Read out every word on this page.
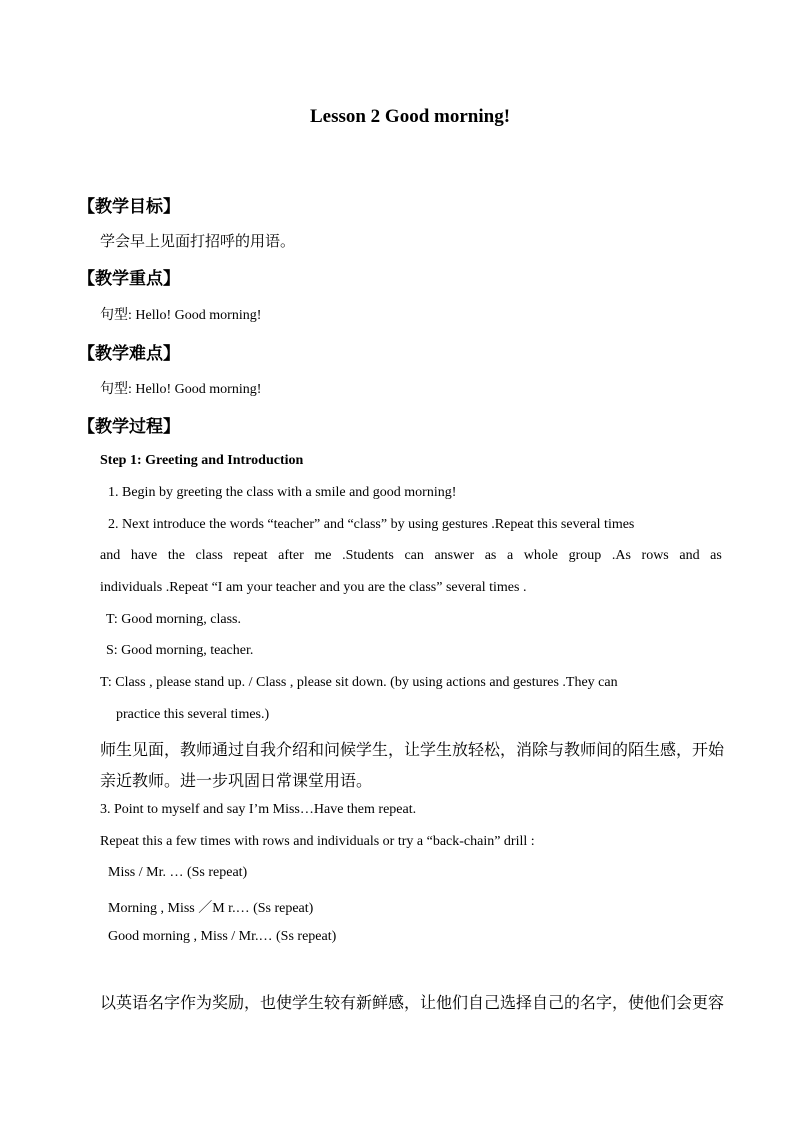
Lesson 2 Good morning!
【教学目标】
学会早上见面打招呼的用语。
【教学重点】
句型: Hello! Good morning!
【教学难点】
句型: Hello! Good morning!
【教学过程】
Step 1: Greeting and Introduction
1. Begin by greeting the class with a smile and good morning!
2. Next introduce the words “teacher” and “class” by using gestures .Repeat this several times
and have the class repeat after me .Students can answer as a whole group .As rows and as
individuals .Repeat “I am your teacher and you are the class” several times .
T: Good morning, class.
S: Good morning, teacher.
T: Class , please stand up. / Class , please sit down. (by using actions and gestures .They can
practice this several times.)
师生见面，教师通过自我介绍和问候学生，让学生放轻松，消除与教师间的陌生感，开始
亲近教师。进一步巩固日常课堂用语。
3. Point to myself and say I’m Miss…Have them repeat.
Repeat this a few times with rows and individuals or try a “back-chain” drill :
Miss / Mr. … (Ss repeat)
Morning , Miss ／M r.… (Ss repeat)
Good morning , Miss / Mr.… (Ss repeat)
以英语名字作为奖励，也使学生较有新鲜感，让他们自己选择自己的名字，使他们会更容
